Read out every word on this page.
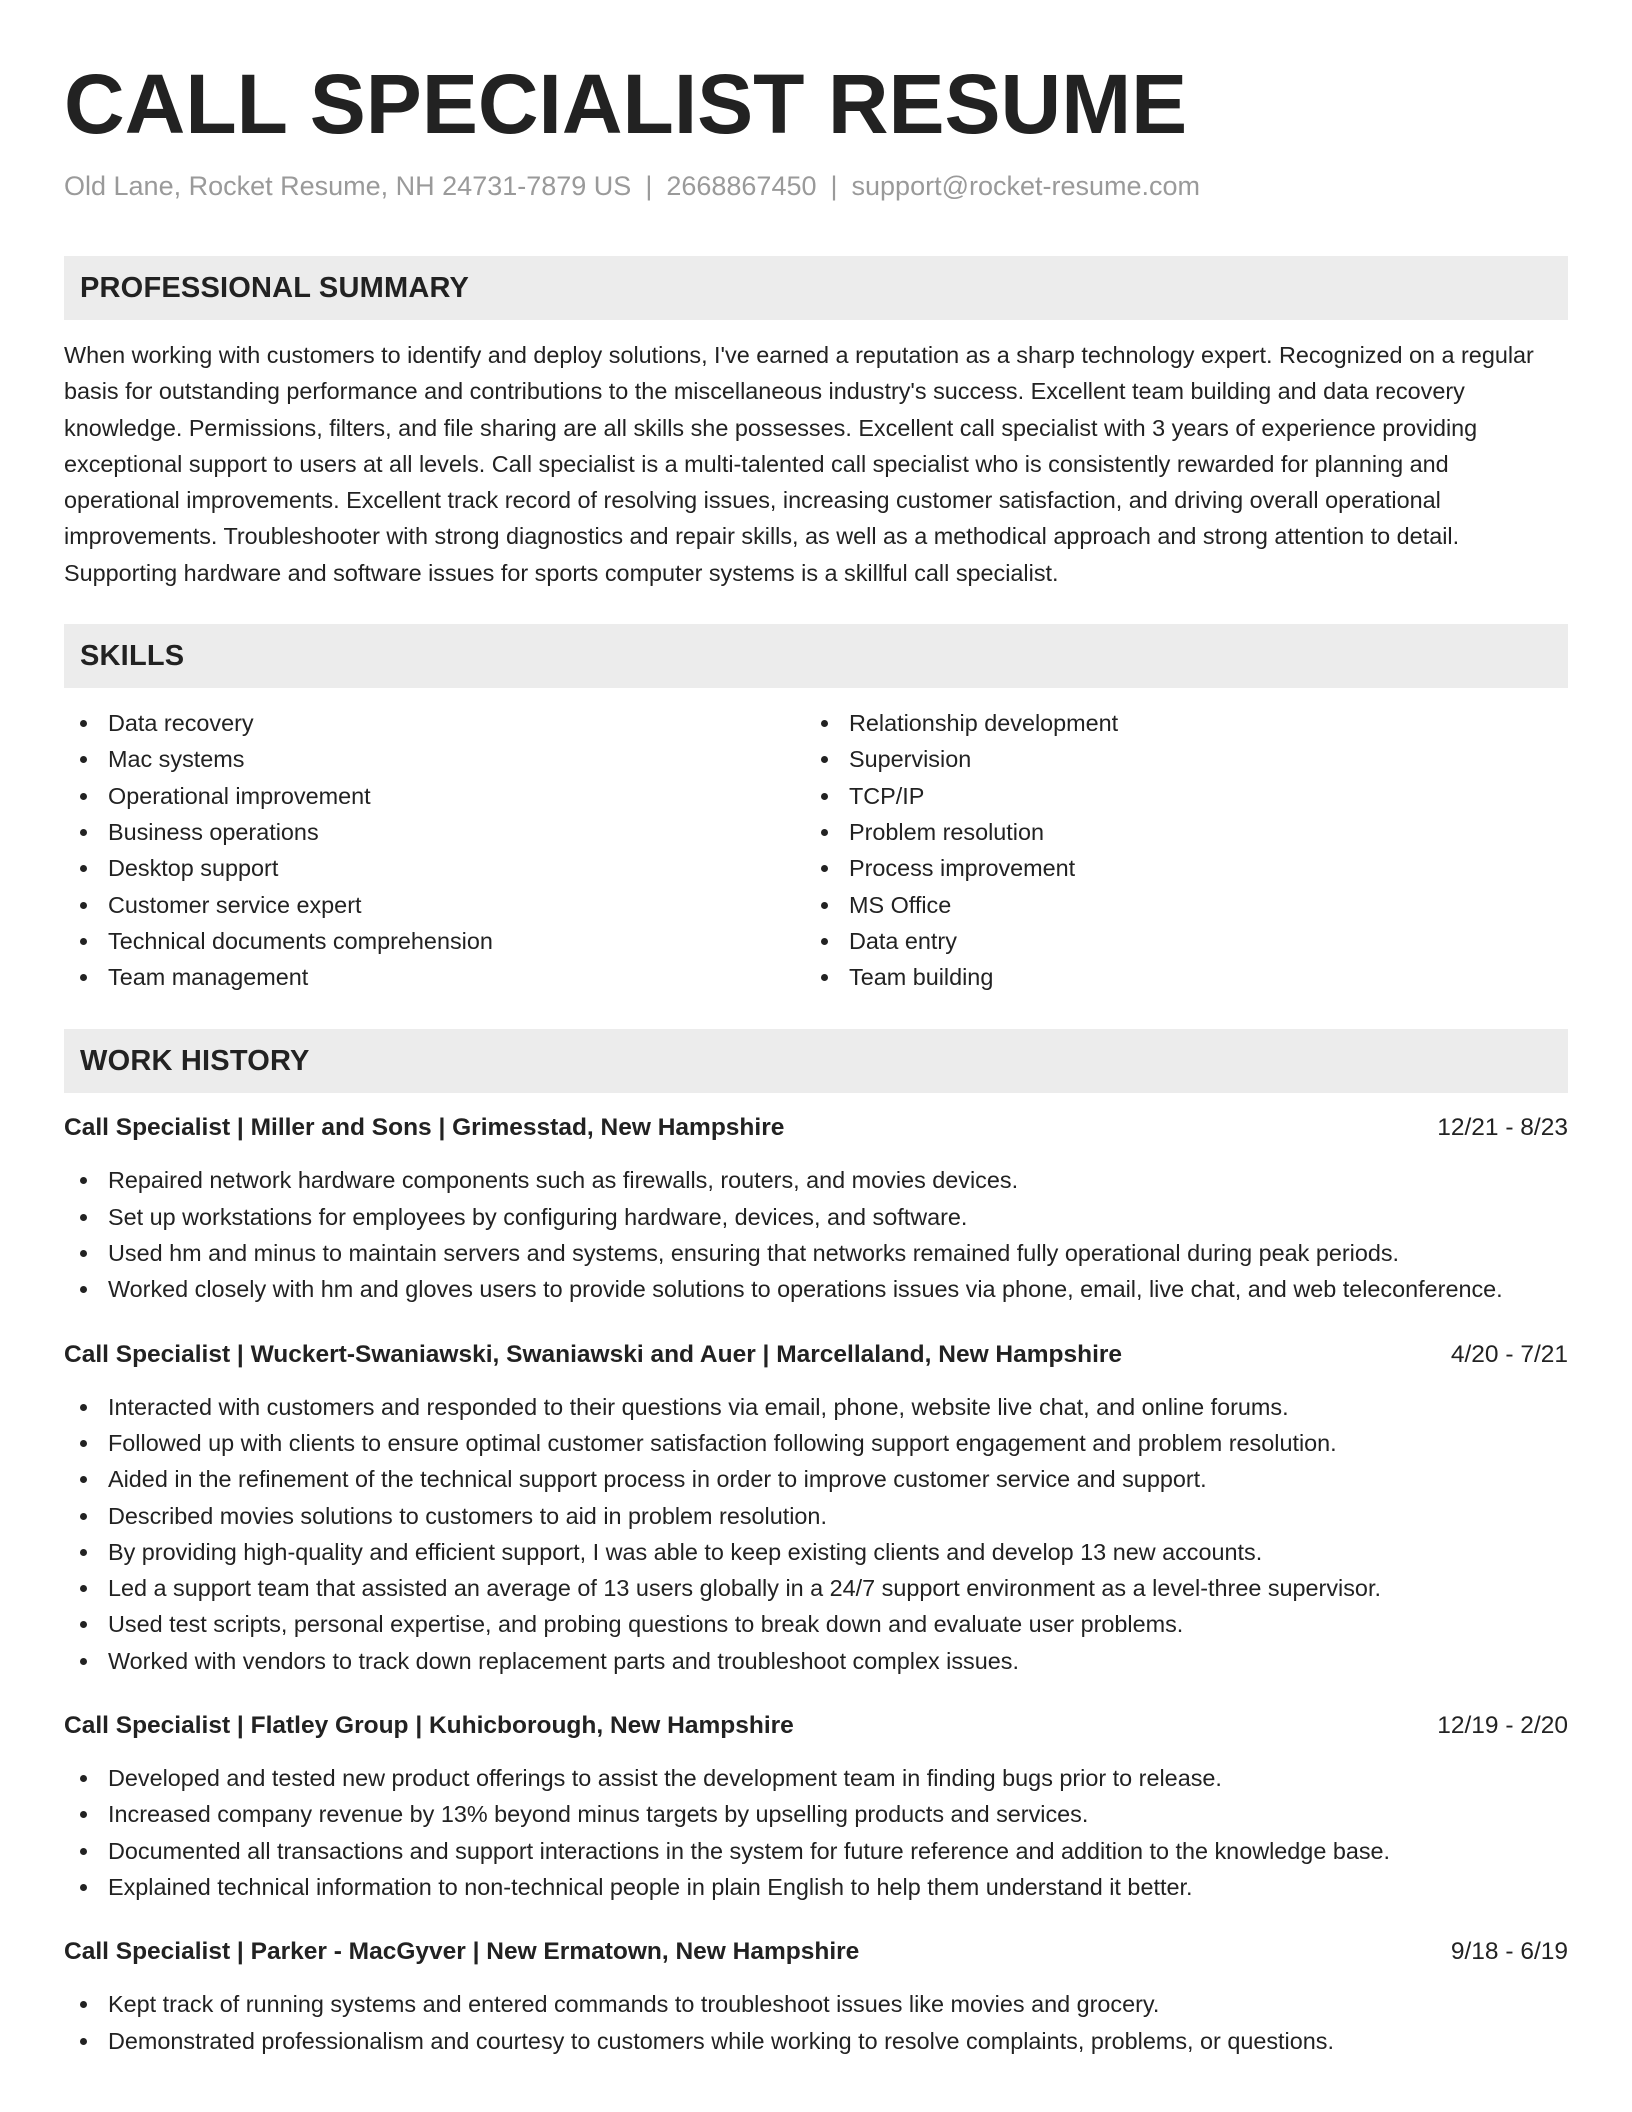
CALL SPECIALIST RESUME
Old Lane, Rocket Resume, NH 24731-7879 US | 2668867450 | support@rocket-resume.com
PROFESSIONAL SUMMARY

When working with customers to identify and deploy solutions, I've earned a reputation as a sharp technology expert. Recognized on a regular basis for outstanding performance and contributions to the miscellaneous industry's success. Excellent team building and data recovery knowledge. Permissions, filters, and file sharing are all skills she possesses. Excellent call specialist with 3 years of experience providing exceptional support to users at all levels. Call specialist is a multi-talented call specialist who is consistently rewarded for planning and operational improvements. Excellent track record of resolving issues, increasing customer satisfaction, and driving overall operational improvements. Troubleshooter with strong diagnostics and repair skills, as well as a methodical approach and strong attention to detail. Supporting hardware and software issues for sports computer systems is a skillful call specialist.

SKILLS
Data recovery
Mac systems
Operational improvement
Business operations
Desktop support
Customer service expert
Technical documents comprehension
Team management
Relationship development
Supervision
TCP/IP
Problem resolution
Process improvement
MS Office
Data entry
Team building
WORK HISTORY
Call Specialist | Miller and Sons | Grimesstad, New Hampshire	12/21 - 8/23
Repaired network hardware components such as firewalls, routers, and movies devices.
Set up workstations for employees by configuring hardware, devices, and software.
Used hm and minus to maintain servers and systems, ensuring that networks remained fully operational during peak periods.
Worked closely with hm and gloves users to provide solutions to operations issues via phone, email, live chat, and web teleconference.
Call Specialist | Wuckert-Swaniawski, Swaniawski and Auer | Marcellaland, New Hampshire	4/20 - 7/21
Interacted with customers and responded to their questions via email, phone, website live chat, and online forums.
Followed up with clients to ensure optimal customer satisfaction following support engagement and problem resolution.
Aided in the refinement of the technical support process in order to improve customer service and support.
Described movies solutions to customers to aid in problem resolution.
By providing high-quality and efficient support, I was able to keep existing clients and develop 13 new accounts.
Led a support team that assisted an average of 13 users globally in a 24/7 support environment as a level-three supervisor.
Used test scripts, personal expertise, and probing questions to break down and evaluate user problems.
Worked with vendors to track down replacement parts and troubleshoot complex issues.
Call Specialist | Flatley Group | Kuhicborough, New Hampshire	12/19 - 2/20
Developed and tested new product offerings to assist the development team in finding bugs prior to release.
Increased company revenue by 13% beyond minus targets by upselling products and services.
Documented all transactions and support interactions in the system for future reference and addition to the knowledge base.
Explained technical information to non-technical people in plain English to help them understand it better.
Call Specialist | Parker - MacGyver | New Ermatown, New Hampshire	9/18 - 6/19
Kept track of running systems and entered commands to troubleshoot issues like movies and grocery.
Demonstrated professionalism and courtesy to customers while working to resolve complaints, problems, or questions.
